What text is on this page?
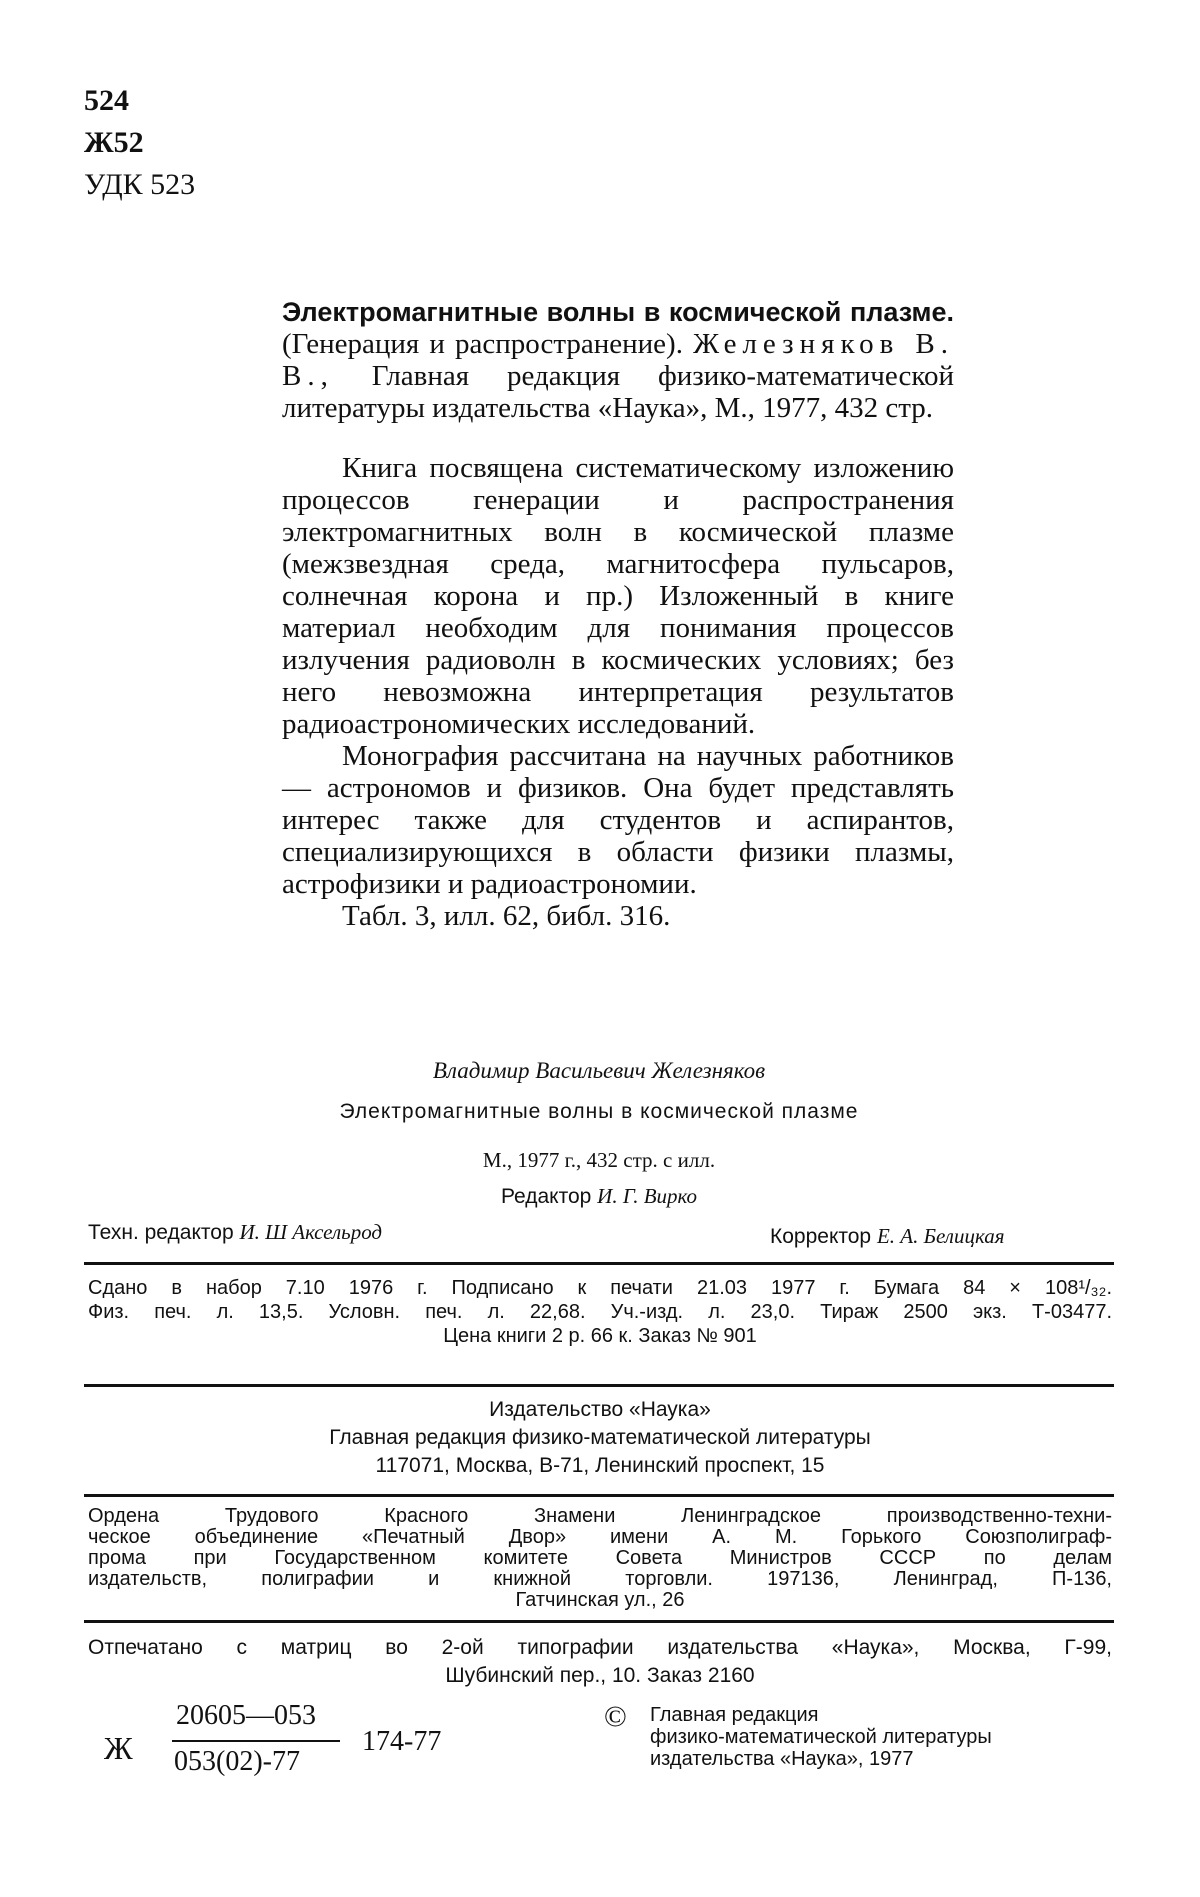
524
Ж52
УДК 523

Электромагнитные волны в космической плазме. (Генерация и распространение). Железняков В. В., Главная редакция физико-математической литературы издательства «Наука», М., 1977, 432 стр.

Книга посвящена систематическому изложению процессов генерации и распространения электромагнитных волн в космической плазме (межзвездная среда, магнитосфера пульсаров, солнечная корона и пр.) Изложенный в книге материал необходим для понимания процессов излучения радиоволн в космических условиях; без него невозможна интерпретация результатов радиоастрономических исследований.

Монография рассчитана на научных работников — астрономов и физиков. Она будет представлять интерес также для студентов и аспирантов, специализирующихся в области физики плазмы, астрофизики и радиоастрономии.

Табл. 3, илл. 62, библ. 316.

Владимир Васильевич Железняков
Электромагнитные волны в космической плазме
М., 1977 г., 432 стр. с илл.
Редактор И. Г. Вирко
Техн. редактор И. Ш Аксельрод	Корректор Е. А. Белицкая
Сдано в набор 7.10 1976 г. Подписано к печати 21.03 1977 г. Бумага 84 × 108¹/₃₂.
Физ. печ. л. 13,5. Условн. печ. л. 22,68. Уч.-изд. л. 23,0. Тираж 2500 экз. Т-03477.
Цена книги 2 р. 66 к. Заказ № 901
Издательство «Наука»
Главная редакция физико-математической литературы
117071, Москва, В-71, Ленинский проспект, 15
Ордена Трудового Красного Знамени Ленинградское производственно-техни-
ческое объединение «Печатный Двор» имени А. М. Горького Союзполиграф-
прома при Государственном комитете Совета Министров СССР по делам
издательств, полиграфии и книжной торговли. 197136, Ленинград, П-136,
Гатчинская ул., 26
Отпечатано с матриц во 2-ой типографии издательства «Наука», Москва, Г-99,
Шубинский пер., 10. Заказ 2160
Ж
20605—053
053(02)-77
174-77
© Главная редакция
физико-математической литературы
издательства «Наука», 1977
